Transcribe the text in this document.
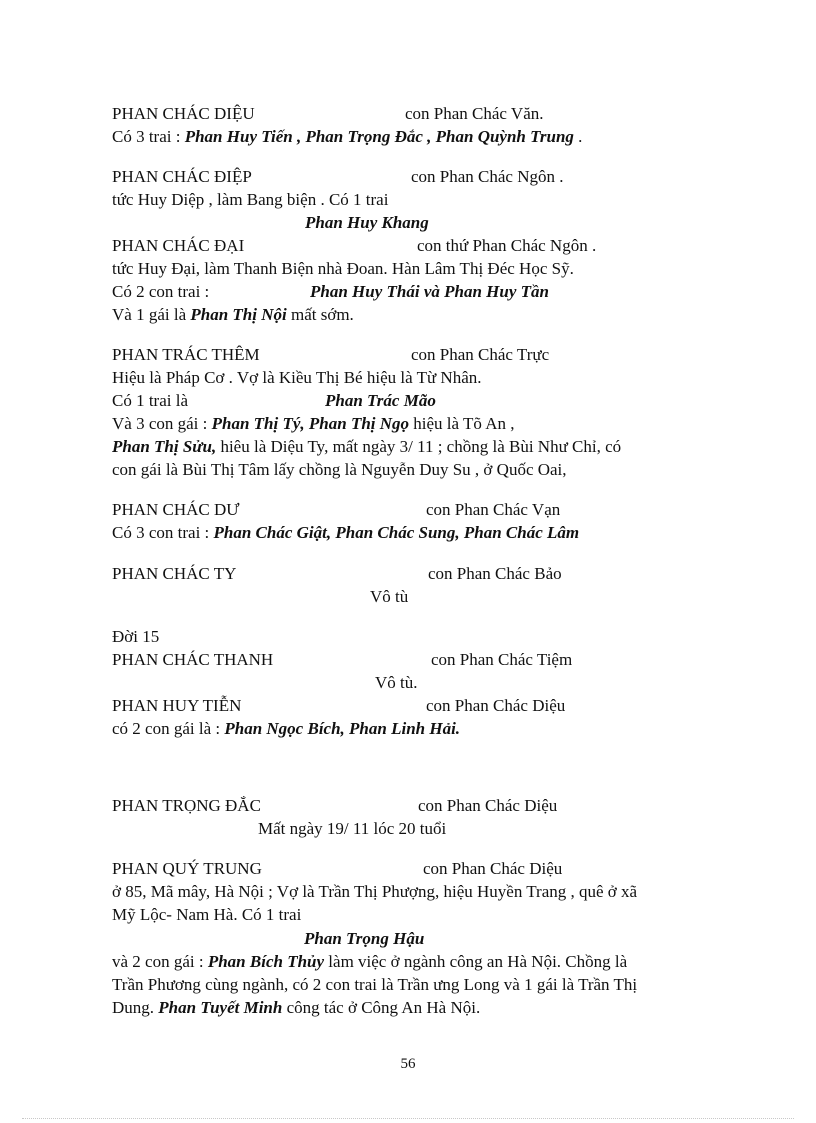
PHAN CHÁC DIỆU	con Phan Chác Văn.
Có 3 trai : Phan Huy Tiến , Phan Trọng Đắc , Phan Quỳnh Trung .
PHAN CHÁC ĐIỆP	con Phan Chác Ngôn .
tức Huy Diệp , làm Bang biện . Có 1 trai
Phan Huy Khang
PHAN CHÁC ĐẠI	con thứ Phan Chác Ngôn .
tức Huy Đại, làm Thanh Biện nhà Đoan. Hàn Lâm Thị Đéc Học Sỹ.
Có 2 con trai :	Phan Huy Thái và Phan Huy Tần
Và 1 gái là Phan Thị Nội mất sớm.
PHAN TRÁC THÊM	con Phan Chác Trực
Hiệu là Pháp Cơ . Vợ là Kiều Thị Bé hiệu là Từ Nhân.
Có 1 trai là	Phan Trác Mão
Và 3 con gái : Phan Thị Tý, Phan Thị Ngọ hiệu là Tõ An ,
Phan Thị Sửu, hiêu là Diệu Ty, mất ngày 3/ 11 ; chồng là Bùi Như Chỉ, có
con gái là Bùi Thị Tâm lấy chồng là Nguyễn Duy Su , ở Quốc Oai,
PHAN CHÁC DƯ	con Phan Chác Vạn
Có 3 con trai : Phan Chác Giật, Phan Chác Sung, Phan Chác Lâm
PHAN CHÁC TY	con Phan Chác Bảo
Vô tù
Đời 15
PHAN CHÁC THANH	con Phan Chác Tiệm
Vô tù.
PHAN HUY TIỄN	con Phan Chác Diệu
có 2 con gái là : Phan Ngọc Bích, Phan Linh Hải.
PHAN TRỌNG ĐẮC	con Phan Chác Diệu
Mất ngày 19/ 11 lóc 20 tuổi
PHAN QUÝ TRUNG	con Phan Chác Diệu
ở 85, Mã mây, Hà Nội ; Vợ là Trần Thị Phượng, hiệu Huyền Trang , quê ở xã
Mỹ Lộc- Nam Hà. Có 1 trai
Phan Trọng Hậu
và 2 con gái : Phan Bích Thủy làm việc ở ngành công an Hà Nội. Chồng là
Trần Phương cùng ngành, có 2 con trai là Trần ưng Long và 1 gái là Trần Thị
Dung. Phan Tuyết Minh công tác ở Công An Hà Nội.
56
